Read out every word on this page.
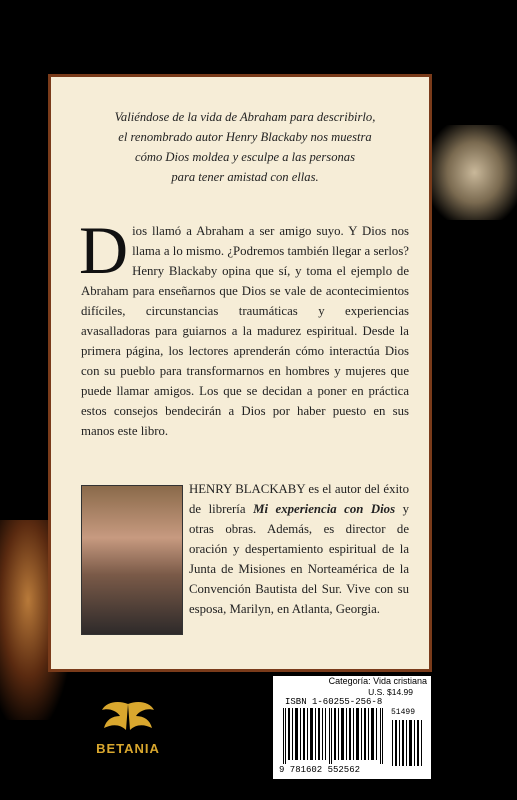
Valiéndose de la vida de Abraham para describirlo,
el renombrado autor Henry Blackaby nos muestra
cómo Dios moldea y esculpe a las personas
para tener amistad con ellas.
Dios llamó a Abraham a ser amigo suyo. Y Dios nos llama a lo mismo. ¿Podremos también llegar a serlos? Henry Blackaby opina que sí, y toma el ejemplo de Abraham para enseñarnos que Dios se vale de acontecimientos difíciles, circunstancias traumáticas y experiencias avasalladoras para guiarnos a la madurez espiritual. Desde la primera página, los lectores aprenderán cómo interactúa Dios con su pueblo para transformarnos en hombres y mujeres que puede llamar amigos. Los que se decidan a poner en práctica estos consejos bendecirán a Dios por haber puesto en sus manos este libro.
HENRY BLACKABY es el autor del éxito de librería Mi experiencia con Dios y otras obras. Además, es director de oración y despertamiento espiritual de la Junta de Misiones en Norteamérica de la Convención Bautista del Sur. Vive con su esposa, Marilyn, en Atlanta, Georgia.
BETANIA
Categoría: Vida cristiana
U.S. $14.99
ISBN 1-60255-256-8
51499
9 781602 552562
